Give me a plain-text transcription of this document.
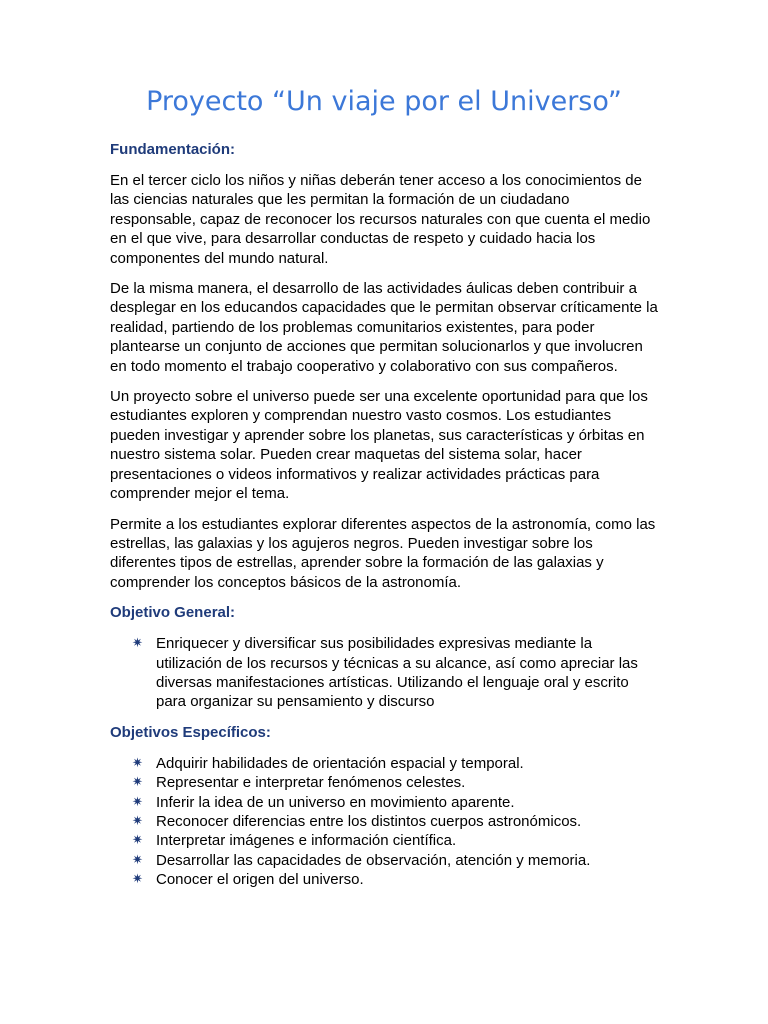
Proyecto “Un viaje por el Universo”
Fundamentación:

En el tercer ciclo los niños y niñas deberán tener acceso a los conocimientos de las ciencias naturales que les permitan la formación de un ciudadano responsable, capaz de reconocer los recursos naturales con que cuenta el medio en el que vive, para desarrollar conductas de respeto y cuidado hacia los componentes del mundo natural.

De la misma manera, el desarrollo de las actividades áulicas deben contribuir a desplegar en los educandos capacidades que le permitan observar críticamente la realidad, partiendo de los problemas comunitarios existentes, para poder plantearse un conjunto de acciones que permitan solucionarlos y que involucren en todo momento el trabajo cooperativo y colaborativo con sus compañeros.

Un proyecto sobre el universo puede ser una excelente oportunidad para que los estudiantes exploren y comprendan nuestro vasto cosmos. Los estudiantes pueden investigar y aprender sobre los planetas, sus características y órbitas en nuestro sistema solar. Pueden crear maquetas del sistema solar, hacer presentaciones o videos informativos y realizar actividades prácticas para comprender mejor el tema.

Permite a los estudiantes explorar diferentes aspectos de la astronomía, como las estrellas, las galaxias y los agujeros negros. Pueden investigar sobre los diferentes tipos de estrellas, aprender sobre la formación de las galaxias y comprender los conceptos básicos de la astronomía.

Objetivo General:
✷ Enriquecer y diversificar sus posibilidades expresivas mediante la utilización de los recursos y técnicas a su alcance, así como apreciar las diversas manifestaciones artísticas. Utilizando el lenguaje oral y escrito para organizar su pensamiento y discurso
Objetivos Específicos:
✷ Adquirir habilidades de orientación espacial y temporal.
✷ Representar e interpretar fenómenos celestes.
✷ Inferir la idea de un universo en movimiento aparente.
✷ Reconocer diferencias entre los distintos cuerpos astronómicos.
✷ Interpretar imágenes e información científica.
✷ Desarrollar las capacidades de observación, atención y memoria.
✷ Conocer el origen del universo.
